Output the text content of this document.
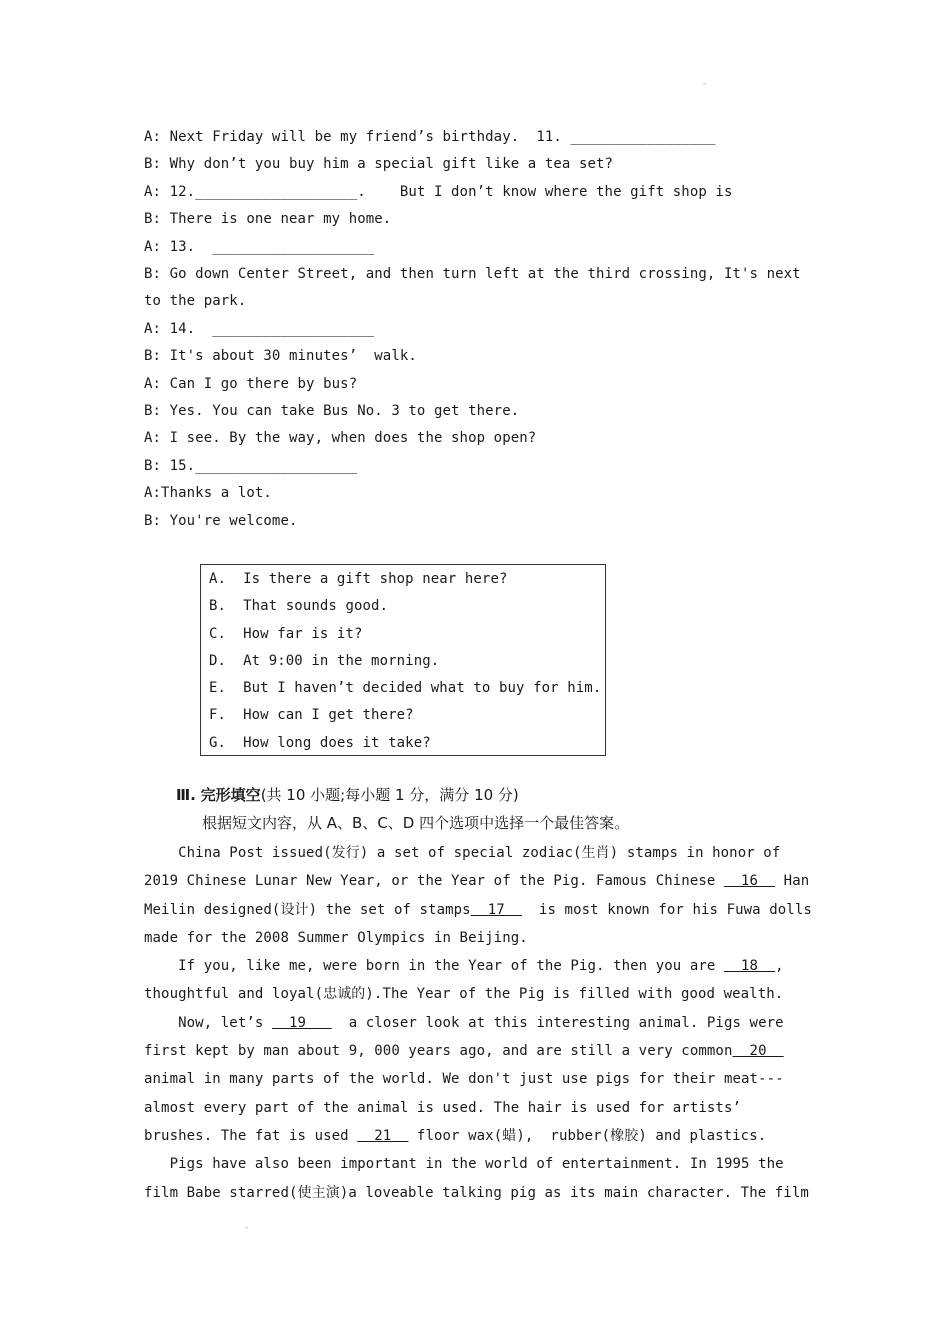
。
A: Next Friday will be my friend’s birthday.  11. _________________
B: Why don’t you buy him a special gift like a tea set?
A: 12.___________________.    But I don’t know where the gift shop is
B: There is one near my home.
A: 13.  ___________________
B: Go down Center Street, and then turn left at the third crossing, It's next
to the park.
A: 14.  ___________________
B: It's about 30 minutes’  walk.
A: Can I go there by bus?
B: Yes. You can take Bus No. 3 to get there.
A: I see. By the way, when does the shop open?
B: 15.___________________
A:Thanks a lot.
B: You're welcome.
A.  Is there a gift shop near here?
B.  That sounds good.
C.  How far is it?
D.  At 9:00 in the morning.
E.  But I haven’t decided what to buy for him.
F.  How can I get there?
G.  How long does it take?
Ⅲ. 完形填空(共 10 小题;每小题 1 分，满分 10 分)
根据短文内容，从 A、B、C、D 四个选项中选择一个最佳答案。
China Post issued(发行) a set of special zodiac(生肖) stamps in honor of
2019 Chinese Lunar New Year, or the Year of the Pig. Famous Chinese   16   Han
Meilin designed(设计) the set of stamps  17    is most known for his Fuwa dolls
made for the 2008 Summer Olympics in Beijing.
If you, like me, were born in the Year of the Pig. then you are   18  ,
thoughtful and loyal(忠诚的).The Year of the Pig is filled with good wealth.
Now, let’s   19     a closer look at this interesting animal. Pigs were
first kept by man about 9, 000 years ago, and are still a very common  20
animal in many parts of the world. We don't just use pigs for their meat---
almost every part of the animal is used. The hair is used for artists’
brushes. The fat is used   21   floor wax(蜡),  rubber(橡胶) and plastics.
Pigs have also been important in the world of entertainment. In 1995 the
film Babe starred(使主演)a loveable talking pig as its main character. The film
。
